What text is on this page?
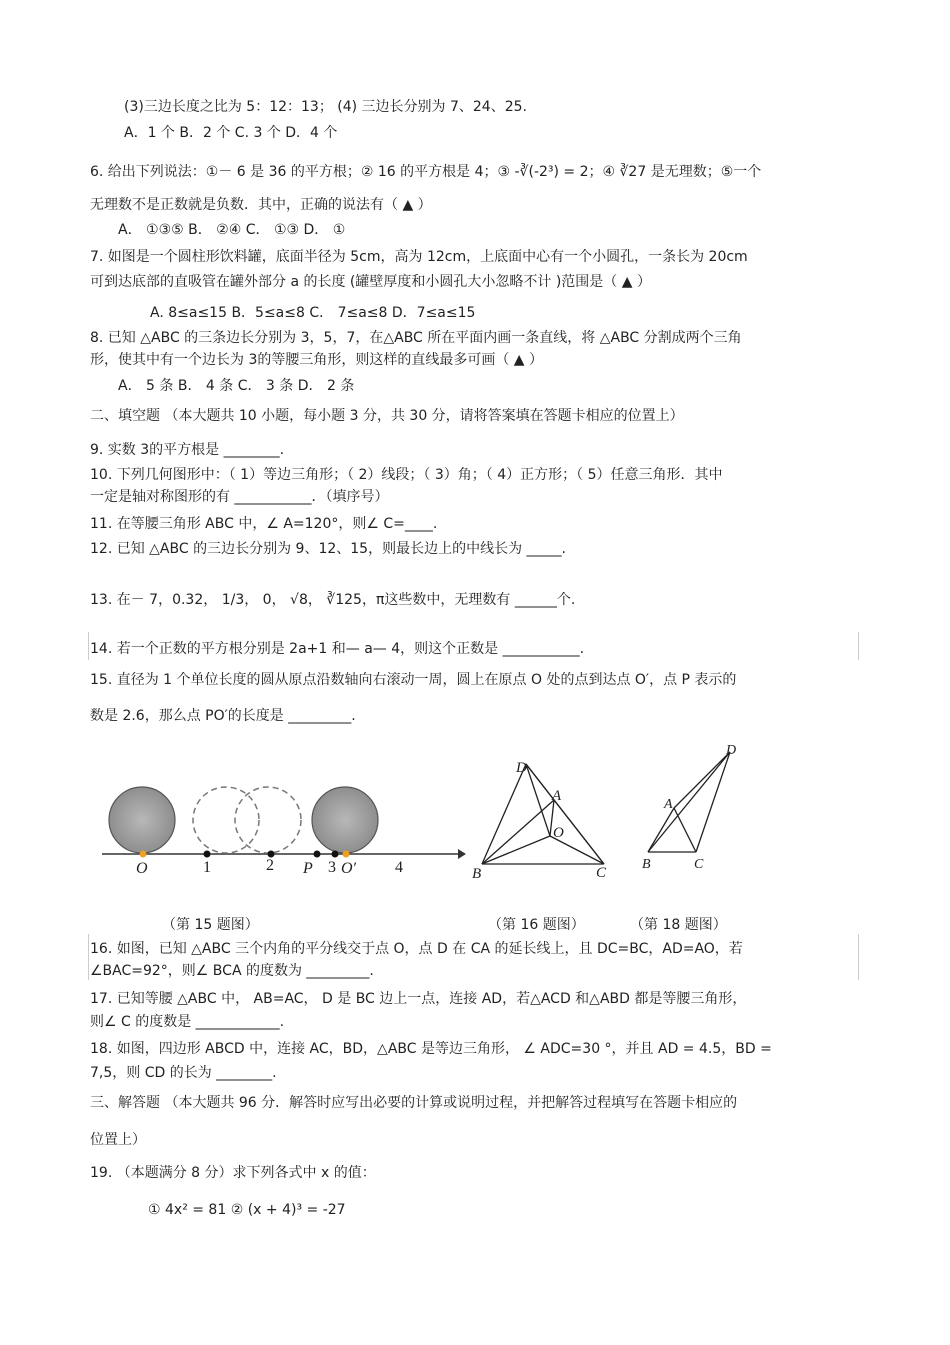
(3)三边长度之比为 5：12：13； (4) 三边长分别为 7、24、25.
A．1 个 B．2 个 C. 3 个 D．4 个
6. 给出下列说法：①－ 6 是 36 的平方根；② 16 的平方根是 4；③ -∛(-2³) = 2；④ ∛27 是无理数；⑤一个
无理数不是正数就是负数．其中，正确的说法有（ ▲ ）
A． ①③⑤ B． ②④ C． ①③ D． ①
7. 如图是一个圆柱形饮料罐，底面半径为 5cm，高为 12cm，上底面中心有一个小圆孔，一条长为 20cm
可到达底部的直吸管在罐外部分 a 的长度 (罐壁厚度和小圆孔大小忽略不计 )范围是（ ▲ ）
A. 8≤a≤15 B．5≤a≤8 C． 7≤a≤8 D．7≤a≤15
8. 已知 △ABC 的三条边长分别为 3，5，7，在△ABC 所在平面内画一条直线，将 △ABC 分割成两个三角
形，使其中有一个边长为 3的等腰三角形，则这样的直线最多可画（ ▲ ）
A． 5 条 B． 4 条 C． 3 条 D． 2 条
二、填空题 （本大题共 10 小题，每小题 3 分，共 30 分，请将答案填在答题卡相应的位置上）
9. 实数 3的平方根是 ________.
10. 下列几何图形中：（ 1）等边三角形；（ 2）线段；（ 3）角；（ 4）正方形；（ 5）任意三角形．其中
一定是轴对称图形的有 ___________．（填序号）
11. 在等腰三角形 ABC 中，∠ A=120°，则∠ C=____.
12. 已知 △ABC 的三边长分别为 9、12、15，则最长边上的中线长为 _____.
13. 在－ 7，0.32， 1/3， 0， √8， ∛125，π这些数中，无理数有 ______个.
14. 若一个正数的平方根分别是 2a+1 和— a— 4，则这个正数是 ___________.
15. 直径为 1 个单位长度的圆从原点沿数轴向右滚动一周，圆上在原点 O 处的点到达点 O′，点 P 表示的
数是 2.6，那么点 PO′的长度是 _________.
16. 如图，已知 △ABC 三个内角的平分线交于点 O，点 D 在 CA 的延长线上，且 DC=BC，AD=AO，若
∠BAC=92°，则∠ BCA 的度数为 _________.
17. 已知等腰 △ABC 中， AB=AC， D 是 BC 边上一点，连接 AD，若△ACD 和△ABD 都是等腰三角形，
则∠ C 的度数是 ____________.
18. 如图，四边形 ABCD 中，连接 AC，BD，△ABC 是等边三角形， ∠ ADC=30 °，并且 AD = 4.5，BD =
7,5，则 CD 的长为 ________.
三、解答题 （本大题共 96 分．解答时应写出必要的计算或说明过程，并把解答过程填写在答题卡相应的
位置上）
19. （本题满分 8 分）求下列各式中 x 的值：
① 4x² = 81 ② (x + 4)³ = -27
O	1	2 P 3 O′ 4
D
A
O
B	C
D
A
B	C
（第 15 题图）	（第 16 题图）	（第 18 题图）
